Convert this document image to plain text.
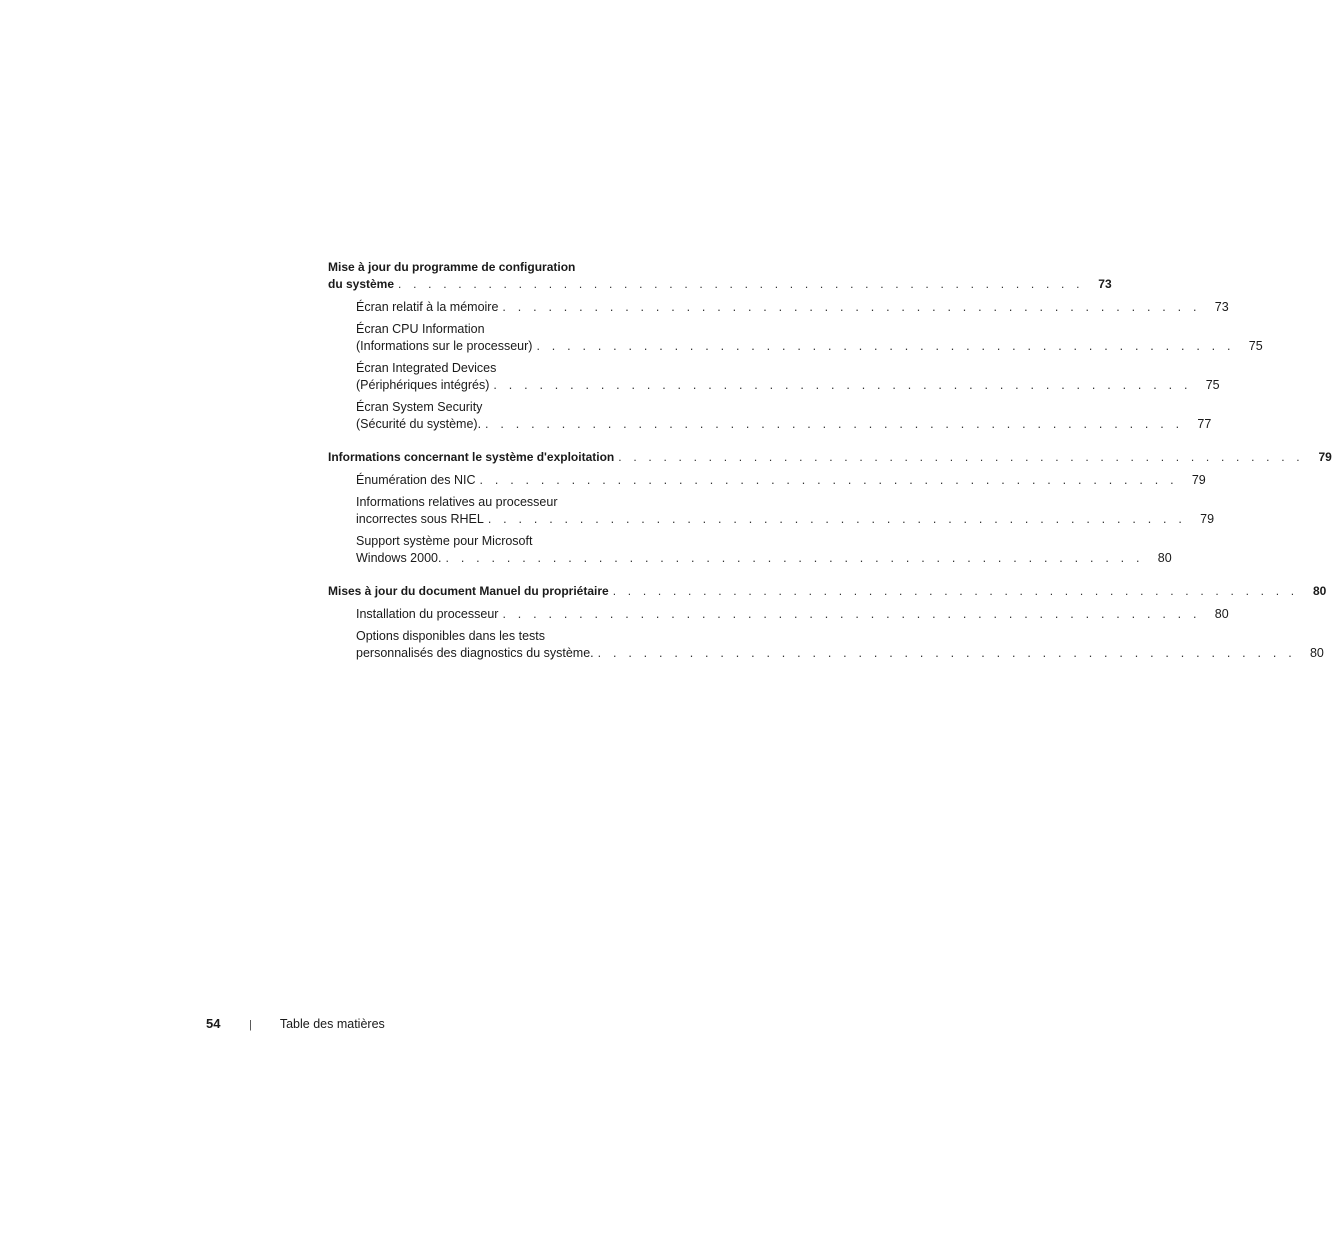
Mise à jour du programme de configuration
du système . . . . . . . . . . . . . . . . . . . . . . . . . . . . . . . . . . . . . . . . . . . . . . 73
Écran relatif à la mémoire . . . . . . . . . . . . . . . . . . . . . . . . . . . . . . . . . . . . . . . . . . . . . . 73
Écran CPU Information
(Informations sur le processeur) . . . . . . . . . . . . . . . . . . . . . . . . . . . . . . . . . . . . . . . . . . . . . . 75
Écran Integrated Devices
(Périphériques intégrés) . . . . . . . . . . . . . . . . . . . . . . . . . . . . . . . . . . . . . . . . . . . . . . 75
Écran System Security
(Sécurité du système). . . . . . . . . . . . . . . . . . . . . . . . . . . . . . . . . . . . . . . . . . . . . . . 77
Informations concernant le système d'exploitation . . . . . . . . . . . . . . . . . . . . . . . . . . . . . . . . . . . . . . . . . . . . . . 79
Énumération des NIC . . . . . . . . . . . . . . . . . . . . . . . . . . . . . . . . . . . . . . . . . . . . . . 79
Informations relatives au processeur
incorrectes sous RHEL . . . . . . . . . . . . . . . . . . . . . . . . . . . . . . . . . . . . . . . . . . . . . . 79
Support système pour Microsoft
Windows 2000. . . . . . . . . . . . . . . . . . . . . . . . . . . . . . . . . . . . . . . . . . . . . . . 80
Mises à jour du document Manuel du propriétaire . . . . . . . . . . . . . . . . . . . . . . . . . . . . . . . . . . . . . . . . . . . . . . 80
Installation du processeur . . . . . . . . . . . . . . . . . . . . . . . . . . . . . . . . . . . . . . . . . . . . . . 80
Options disponibles dans les tests
personnalisés des diagnostics du système. . . . . . . . . . . . . . . . . . . . . . . . . . . . . . . . . . . . . . . . . . . . . . . 80
54	| Table des matières
